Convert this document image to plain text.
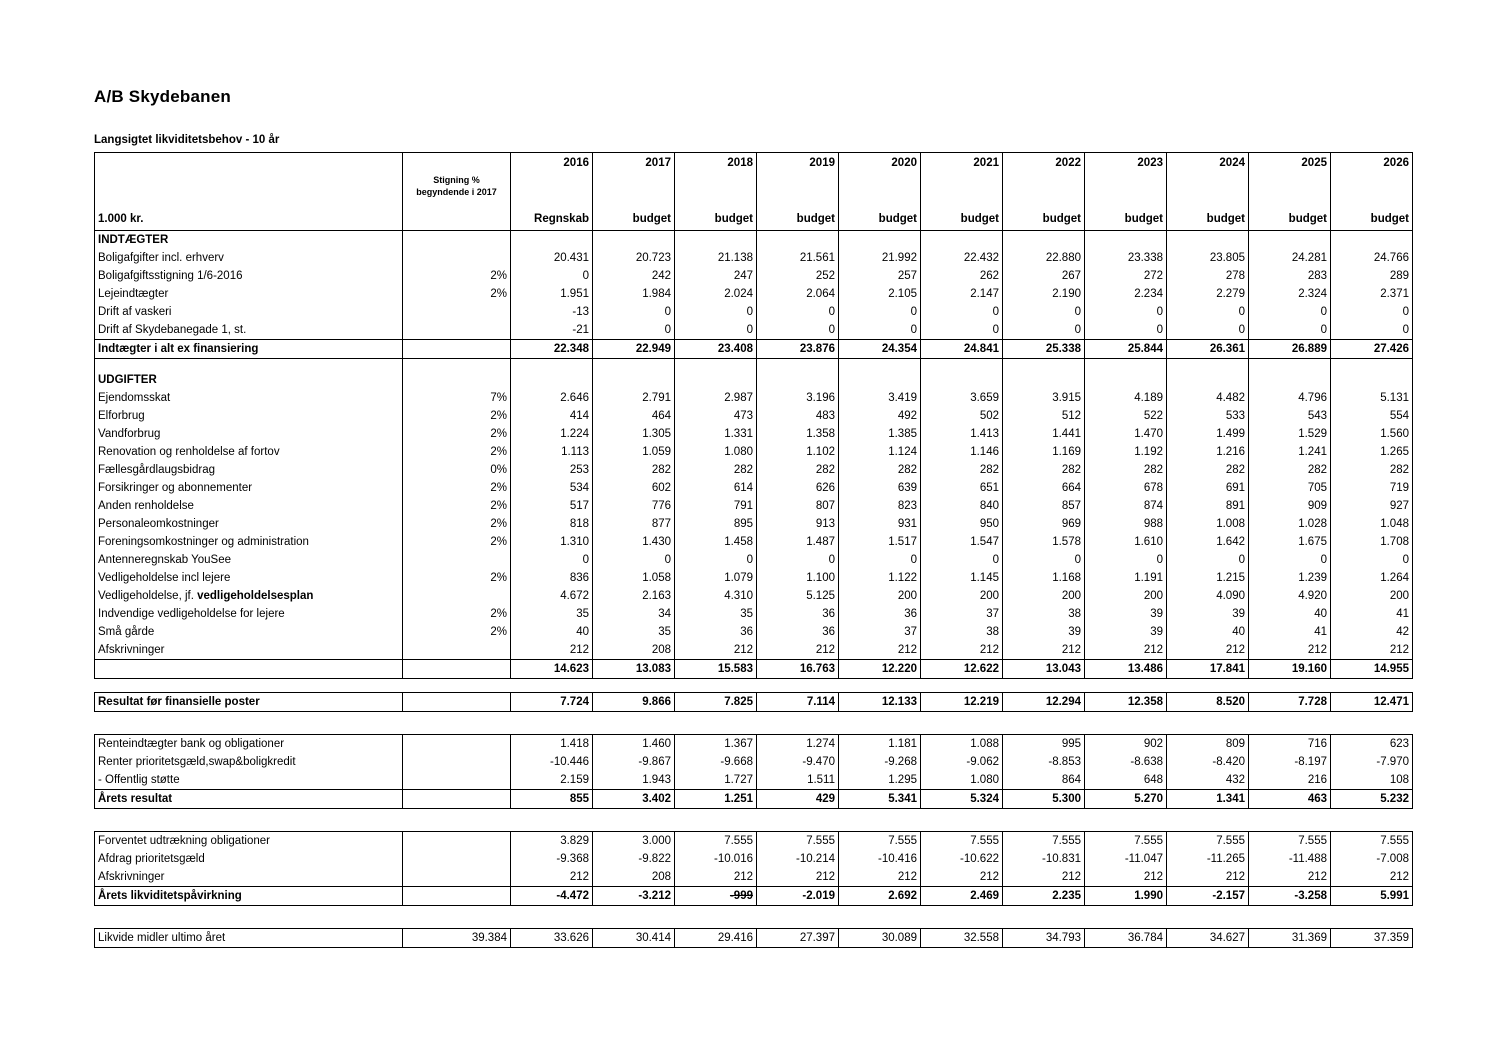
A/B Skydebanen
Langsigtet likviditetsbehov - 10 år
		2016	2017	2018	2019	2020	2021	2022	2023	2024	2025	2026
	Stigning %
begyndende i 2017											
1.000 kr.		Regnskab	budget	budget	budget	budget	budget	budget	budget	budget	budget	budget
INDTÆGTER												
Boligafgifter incl. erhverv		20.431	20.723	21.138	21.561	21.992	22.432	22.880	23.338	23.805	24.281	24.766
Boligafgiftsstigning 1/6-2016	2%	0	242	247	252	257	262	267	272	278	283	289
Lejeindtægter	2%	1.951	1.984	2.024	2.064	2.105	2.147	2.190	2.234	2.279	2.324	2.371
Drift af vaskeri		-13	0	0	0	0	0	0	0	0	0	0
Drift af Skydebanegade 1, st.		-21	0	0	0	0	0	0	0	0	0	0
Indtægter i alt ex finansiering		22.348	22.949	23.408	23.876	24.354	24.841	25.338	25.844	26.361	26.889	27.426

UDGIFTER												
Ejendomsskat	7%	2.646	2.791	2.987	3.196	3.419	3.659	3.915	4.189	4.482	4.796	5.131
Elforbrug	2%	414	464	473	483	492	502	512	522	533	543	554
Vandforbrug	2%	1.224	1.305	1.331	1.358	1.385	1.413	1.441	1.470	1.499	1.529	1.560
Renovation og renholdelse af fortov	2%	1.113	1.059	1.080	1.102	1.124	1.146	1.169	1.192	1.216	1.241	1.265
Fællesgårdlaugsbidrag	0%	253	282	282	282	282	282	282	282	282	282	282
Forsikringer og abonnementer	2%	534	602	614	626	639	651	664	678	691	705	719
Anden renholdelse	2%	517	776	791	807	823	840	857	874	891	909	927
Personaleomkostninger	2%	818	877	895	913	931	950	969	988	1.008	1.028	1.048
Foreningsomkostninger og administration	2%	1.310	1.430	1.458	1.487	1.517	1.547	1.578	1.610	1.642	1.675	1.708
Antenneregnskab YouSee		0	0	0	0	0	0	0	0	0	0	0
Vedligeholdelse incl lejere	2%	836	1.058	1.079	1.100	1.122	1.145	1.168	1.191	1.215	1.239	1.264
Vedligeholdelse, jf. vedligeholdelsesplan		4.672	2.163	4.310	5.125	200	200	200	200	4.090	4.920	200
Indvendige vedligeholdelse for lejere	2%	35	34	35	36	36	37	38	39	39	40	41
Små gårde	2%	40	35	36	36	37	38	39	39	40	41	42
Afskrivninger		212	208	212	212	212	212	212	212	212	212	212
		14.623	13.083	15.583	16.763	12.220	12.622	13.043	13.486	17.841	19.160	14.955

Resultat før finansielle poster		7.724	9.866	7.825	7.114	12.133	12.219	12.294	12.358	8.520	7.728	12.471

Renteindtægter bank og obligationer		1.418	1.460	1.367	1.274	1.181	1.088	995	902	809	716	623
Renter prioritetsgæld,swap&boligkredit		-10.446	-9.867	-9.668	-9.470	-9.268	-9.062	-8.853	-8.638	-8.420	-8.197	-7.970
- Offentlig støtte		2.159	1.943	1.727	1.511	1.295	1.080	864	648	432	216	108
Årets resultat		855	3.402	1.251	429	5.341	5.324	5.300	5.270	1.341	463	5.232

Forventet udtrækning obligationer		3.829	3.000	7.555	7.555	7.555	7.555	7.555	7.555	7.555	7.555	7.555
Afdrag prioritetsgæld		-9.368	-9.822	-10.016	-10.214	-10.416	-10.622	-10.831	-11.047	-11.265	-11.488	-7.008
Afskrivninger		212	208	212	212	212	212	212	212	212	212	212
Årets likviditetspåvirkning		-4.472	-3.212	-999	-2.019	2.692	2.469	2.235	1.990	-2.157	-3.258	5.991

Likvide midler ultimo året	39.384	33.626	30.414	29.416	27.397	30.089	32.558	34.793	36.784	34.627	31.369	37.359
